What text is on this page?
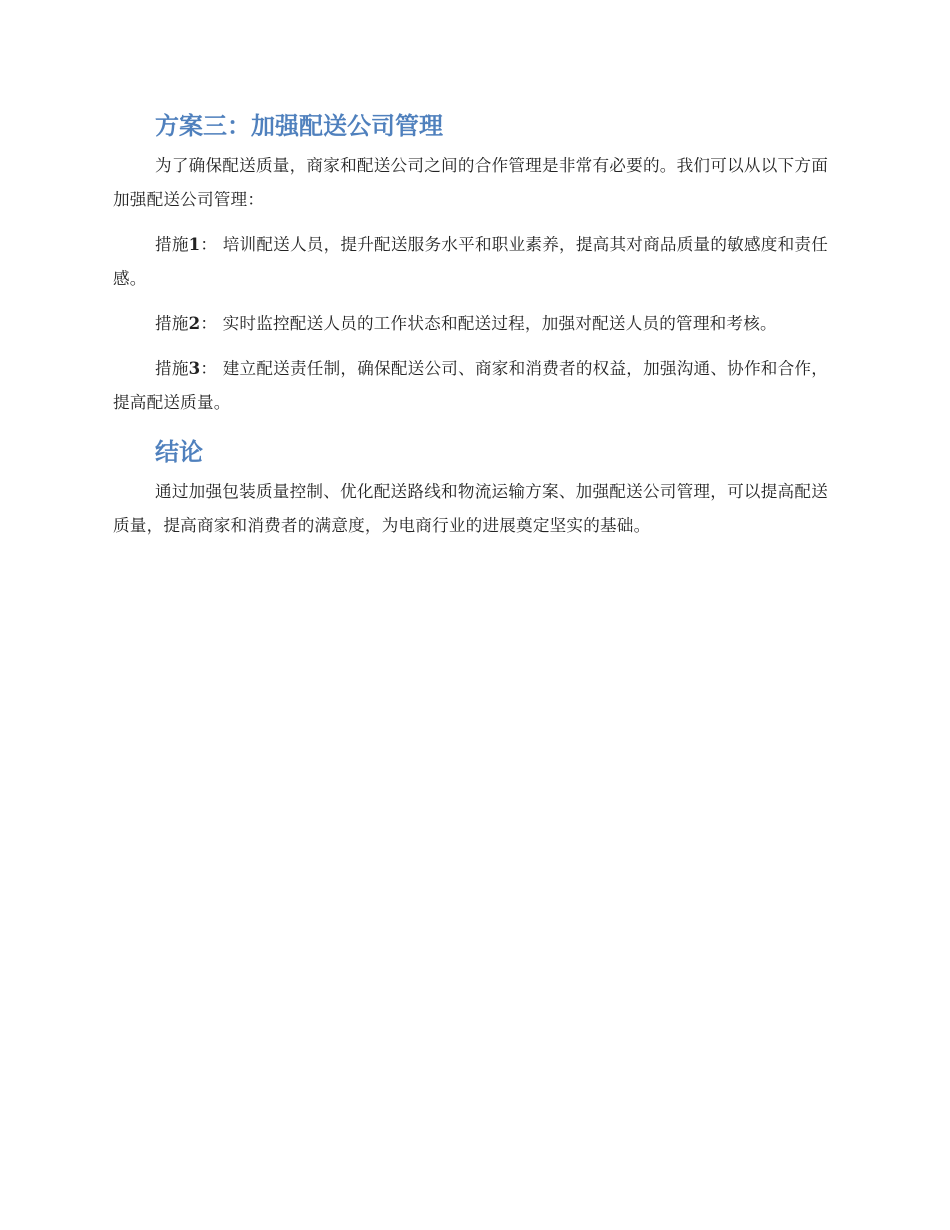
方案三：加强配送公司管理

为了确保配送质量，商家和配送公司之间的合作管理是非常有必要的。我们可以从以下方面加强配送公司管理：

措施1： 培训配送人员，提升配送服务水平和职业素养，提高其对商品质量的敏感度和责任感。

措施2： 实时监控配送人员的工作状态和配送过程，加强对配送人员的管理和考核。

措施3： 建立配送责任制，确保配送公司、商家和消费者的权益，加强沟通、协作和合作，提高配送质量。

结论

通过加强包装质量控制、优化配送路线和物流运输方案、加强配送公司管理，可以提高配送质量，提高商家和消费者的满意度，为电商行业的进展奠定坚实的基础。
